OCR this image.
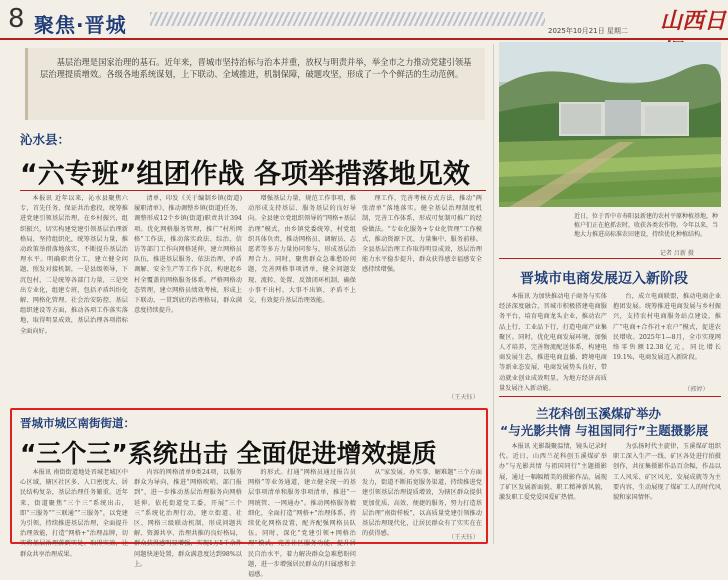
8 聚焦·晋城	2025年10月21日 星期二 山西日

基层治理是国家治理的基石。近年来，晋城市坚持治标与治本并重，放权与明责并举，举全市之力推动党建引领基层治理提质增效。各级各地系统谋划，上下联动、全域推进，机制保障，破题攻坚，形成了一个个鲜活的生动范例。

沁水县：
“六专班”组团作战 各项举措落地见效

本报讯 近年以来，沁水县聚焦六专，首先任务、保证共治愈投，统筹推进党建引领基层治理，在乡村振兴，组织振兴，切实构建党建引领基层治理新格局，坚持组织化，统筹基层力量，推动政策举措落地落实，不断提升基层治理水平。明确职责分工，建立健全问题、照发对接机制，一是县级领导，下沉包村，二是统筹各部门力量，三是突出专业化，组建专班，包括矛盾纠纷化解、网格化管理、社会治安防控、基层组织建设等方面，推动各项工作落实落地，取得明显成效，基层治理各项指标全面向好。

清单，印发《关于编制乡镇(街道)履职清单》，推动调整乡镇(街道)任务，调整形成12个乡镇(街道)职责共计394项。优化网格服务管理，推广“村所网格”工作法，推动落实政法、综治、信访等部门工作向网格延伸，建立网格员队伍，推进基层服务、依法治理、矛盾调解、安全生产等工作下沉，构建起乡村全覆盖的网格服务体系。严格网格动态管理，建立网格员绩效考核，形成上下联动、一贯到底的治理格局，群众满意度持续提升。

增强基层力量，规范工作事项，推动形成支持基层、服务基层的良好导向。全县建立党组织领导的“网格+基层治理”模式，由乡镇党委统筹，村党组织具体负责，推动网格员、调解员、志愿者等多方力量协同参与，形成基层治理合力。同时，聚焦群众急难愁盼问题，完善网格事项清单，健全问题发现、流转、处置、反馈闭环机制，确保小事不出村、大事不出镇、矛盾不上交，有效提升基层治理效能。

理工作，完善考核方式方法，推动“两张清单”落地落实。健全基层治理制度机制，完善工作体系，形成可复制可推广的经验做法。“专业化服务+专业化管理”工作模式，推动资源下沉、力量集中、服务前移。全县基层治理工作取得明显成效，基层治理能力水平稳步提升，群众获得感幸福感安全感持续增强。

（王天钰）
晋城市城区南街街道：
“三个三”系统出击 全面促进增效提质

本报讯 南街街道地处晋城老城区中心区域，辖区社区多、人口密度大、居民结构复杂，基层治理任务繁重。近年来，街道聚焦“三个三”系统出击，即“三服务”“三联通”“三服务”，以党建为引领，持续推进基层治理，全面提升治理效能，打造“网格+”治理品牌，切实将基层治理落到实处、取得实效，让群众共享治理成果。

内容的网格清单9类24项，以服务群众为导向，推进“网格吹哨、部门报到”，进一步推动基层治理服务向网格延伸。依托街道党工委，开展“三个三”系统化治理行动，建立街道、社区、网格三级联动机制，形成问题共解、资源共享、治理共推的良好格局，群众获得感明显增强，实现1万5千余件问题快速处置，群众满意度达到98%以上。

的形式。打通“网格员通过报告员网格”等业务通道，建立健全统一的基层事项清单和服务事项清单，推进“一网统管、一网通办”。推动网格服务精细化，全面打造“网格+”治理体系，持续优化网格设置，配齐配强网格员队伍。同时，深化“党建引领+网格治理”模式，完善社区服务功能，提升居民自治水平，着力解决群众急难愁盼问题，进一步增强居民群众的归属感和幸福感。

从“家发展、办实事、解难题”三个方面发力，街道不断拓宽服务渠道，持续推进党建引领基层治理提质增效，为辖区群众提供更加优质、高效、便捷的服务，努力打造基层治理“南街样板”，以高质量党建引领推动基层治理现代化，让居民群众有了实实在在的获得感。

（王天钰）
近日，位于晋中市寿阳县新建的农村平原种植基地，种植户们正在抢抓农时，收获各类农作物。今年以来，当地大力推进高标准农田建设，持续优化种植结构。
记者 吕新 摄
晋城市电商发展迈入新阶段

本报讯 为加快推动电子商务与实体经济深度融合，晋城市积极搭建电商服务平台，培育电商龙头企业，推动农产品上行、工业品下行，打造电商产业集聚区。同时，优化电商发展环境，加强人才培养，完善物流配送体系，构建电商发展生态，推进电商直播、跨境电商等新业态发展，电商发展势头良好，带动就业创业成效明显，为地方经济高质量发展注入新动能。

台，成立电商联盟，推动电商企业抱团发展。统筹推进电商发展与乡村振兴，支持农村电商服务站点建设，推广“电商+合作社+农户”模式，促进农民增收。2025年1—8月，全市实现网络零售额12.38亿元，同比增长19.1%，电商发展迈入新阶段。

（郭婷）
兰花科创玉溪煤矿举办
“与光影共情 与祖国同行”主题摄影展

本报讯 光影凝聚温情，镜头记录时代。近日，山西兰花科创玉溪煤矿举办“与光影共情 与祖国同行”主题摄影展，通过一幅幅精美的摄影作品，展现了矿区发展新面貌、职工精神新风貌，激发职工爱党爱国爱矿热情。

为弘扬时代主旋律，玉溪煤矿组织职工深入生产一线、矿区各处进行拍摄创作，共征集摄影作品百余幅，作品以工人风采、矿区风光、发展成就等为主要内容，生动展现了煤矿工人的时代风貌和家国情怀。
